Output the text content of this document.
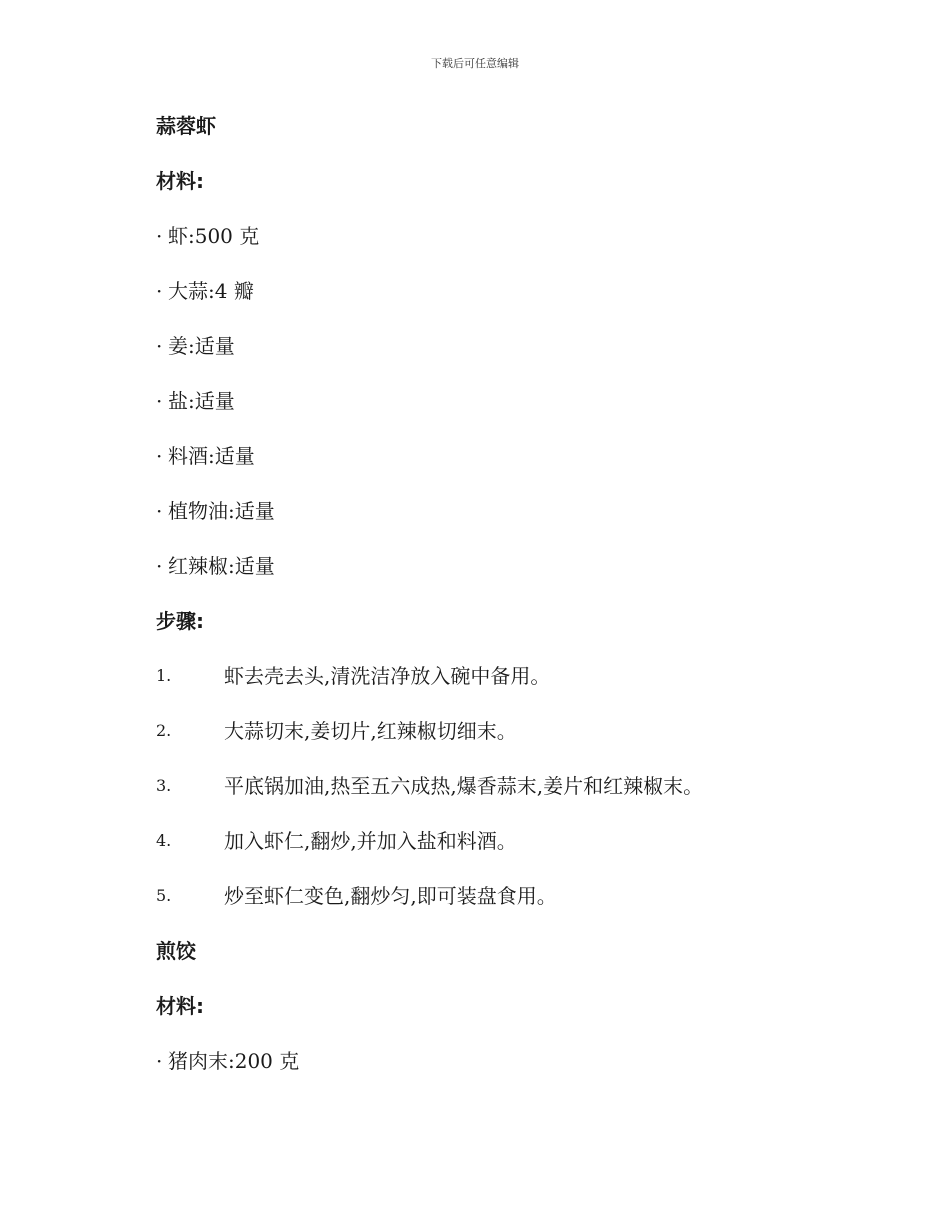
下载后可任意编辑
蒜蓉虾
材料:
· 虾:500 克
· 大蒜:4 瓣
· 姜:适量
· 盐:适量
· 料酒:适量
· 植物油:适量
· 红辣椒:适量
步骤:
1.	虾去壳去头,清洗洁净放入碗中备用。
2.	大蒜切末,姜切片,红辣椒切细末。
3.	平底锅加油,热至五六成热,爆香蒜末,姜片和红辣椒末。
4.	加入虾仁,翻炒,并加入盐和料酒。
5.	炒至虾仁变色,翻炒匀,即可装盘食用。
煎饺
材料:
· 猪肉末:200 克
